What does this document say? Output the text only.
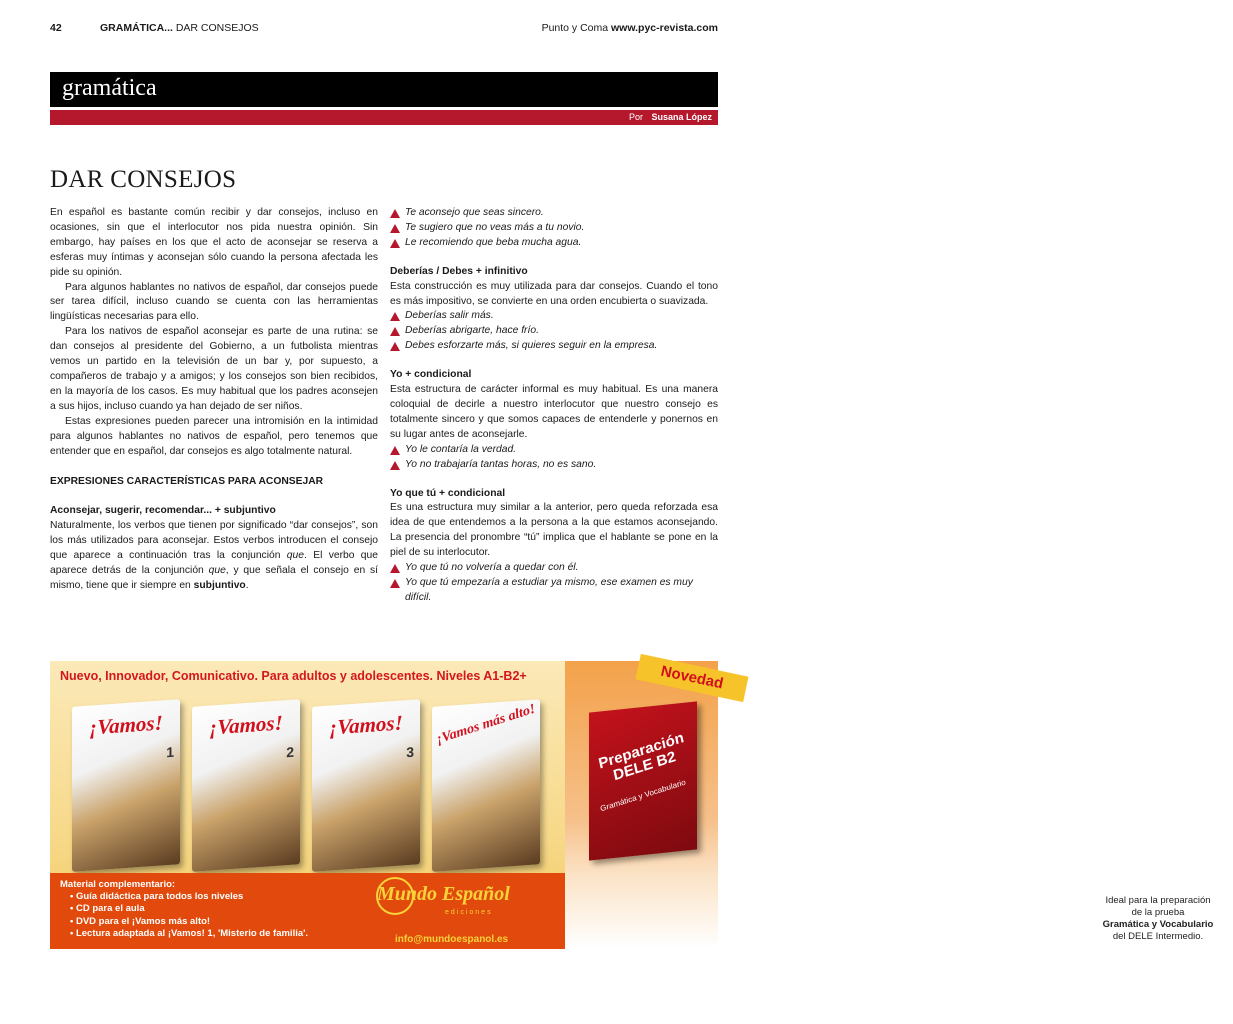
42	GRAMÁTICA... DAR CONSEJOS	Punto y Coma www.pyc-revista.com
gramática
Por Susana López
DAR CONSEJOS

En español es bastante común recibir y dar consejos, incluso en ocasiones, sin que el interlocutor nos pida nuestra opinión. Sin embargo, hay países en los que el acto de aconsejar se reserva a esferas muy íntimas y aconsejan sólo cuando la persona afectada les pide su opinión.

Para algunos hablantes no nativos de español, dar consejos puede ser tarea difícil, incluso cuando se cuenta con las herramientas lingüísticas necesarias para ello.

Para los nativos de español aconsejar es parte de una rutina: se dan consejos al presidente del Gobierno, a un futbolista mientras vemos un partido en la televisión de un bar y, por supuesto, a compañeros de trabajo y a amigos; y los consejos son bien recibidos, en la mayoría de los casos. Es muy habitual que los padres aconsejen a sus hijos, incluso cuando ya han dejado de ser niños.

Estas expresiones pueden parecer una intromisión en la intimidad para algunos hablantes no nativos de español, pero tenemos que entender que en español, dar consejos es algo totalmente natural.

EXPRESIONES CARACTERÍSTICAS PARA ACONSEJAR

Aconsejar, sugerir, recomendar... + subjuntivo

Naturalmente, los verbos que tienen por significado “dar consejos”, son los más utilizados para aconsejar. Estos verbos introducen el consejo que aparece a continuación tras la conjunción que. El verbo que aparece detrás de la conjunción que, y que señala el consejo en sí mismo, tiene que ir siempre en subjuntivo.

Te aconsejo que seas sincero.

Te sugiero que no veas más a tu novio.

Le recomiendo que beba mucha agua.

Deberías / Debes + infinitivo

Esta construcción es muy utilizada para dar consejos. Cuando el tono es más impositivo, se convierte en una orden encubierta o suavizada.

Deberías salir más.

Deberías abrigarte, hace frío.

Debes esforzarte más, si quieres seguir en la empresa.

Yo + condicional

Esta estructura de carácter informal es muy habitual. Es una manera coloquial de decirle a nuestro interlocutor que nuestro consejo es totalmente sincero y que somos capaces de entenderle y ponernos en su lugar antes de aconsejarle.

Yo le contaría la verdad.

Yo no trabajaría tantas horas, no es sano.

Yo que tú + condicional

Es una estructura muy similar a la anterior, pero queda reforzada esa idea de que entendemos a la persona a la que estamos aconsejando. La presencia del pronombre “tú” implica que el hablante se pone en la piel de su interlocutor.

Yo que tú no volvería a quedar con él.

Yo que tú empezaría a estudiar ya mismo, ese examen es muy difícil.

Nuevo, Innovador, Comunicativo. Para adultos y adolescentes. Niveles A1-B2+
¡Vamos!
1
¡Vamos!
2
¡Vamos!
3
¡Vamos más alto!
Novedad
Preparación DELE B2
Gramática y Vocabulario
Ideal para la preparación
de la prueba
Gramática y Vocabulario
del DELE Intermedio.
Material complementario:
• Guía didáctica para todos los niveles
• CD para el aula
• DVD para el ¡Vamos más alto!
• Lectura adaptada al ¡Vamos! 1, 'Misterio de familia'.
Mundo Español
ediciones
info@mundoespanol.es
